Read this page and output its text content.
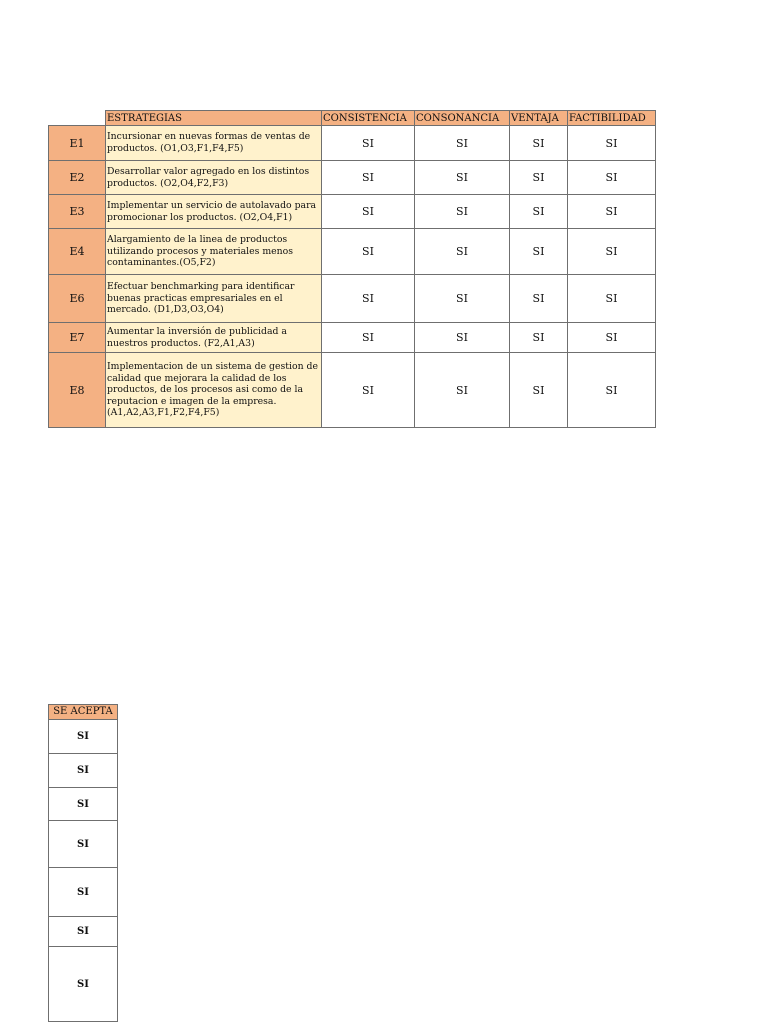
	ESTRATEGIAS	CONSISTENCIA	CONSONANCIA	VENTAJA	FACTIBILIDAD
E1	Incursionar en nuevas formas de ventas de productos. (O1,O3,F1,F4,F5)	SI	SI	SI	SI
E2	Desarrollar valor agregado en los distintos productos. (O2,O4,F2,F3)	SI	SI	SI	SI
E3	Implementar un servicio de autolavado para promocionar los productos. (O2,O4,F1)	SI	SI	SI	SI
E4	Alargamiento de la linea de productos utilizando procesos y materiales menos contaminantes.(O5,F2)	SI	SI	SI	SI
E6	Efectuar benchmarking para identificar buenas practicas empresariales en el mercado. (D1,D3,O3,O4)	SI	SI	SI	SI
E7	Aumentar la inversión de publicidad a nuestros productos. (F2,A1,A3)	SI	SI	SI	SI
E8	Implementacion de un sistema de gestion de calidad que mejorara la calidad de los productos, de los procesos asi como de la reputacion e imagen de la empresa. (A1,A2,A3,F1,F2,F4,F5)	SI	SI	SI	SI
SE ACEPTA
SI
SI
SI
SI
SI
SI
SI
